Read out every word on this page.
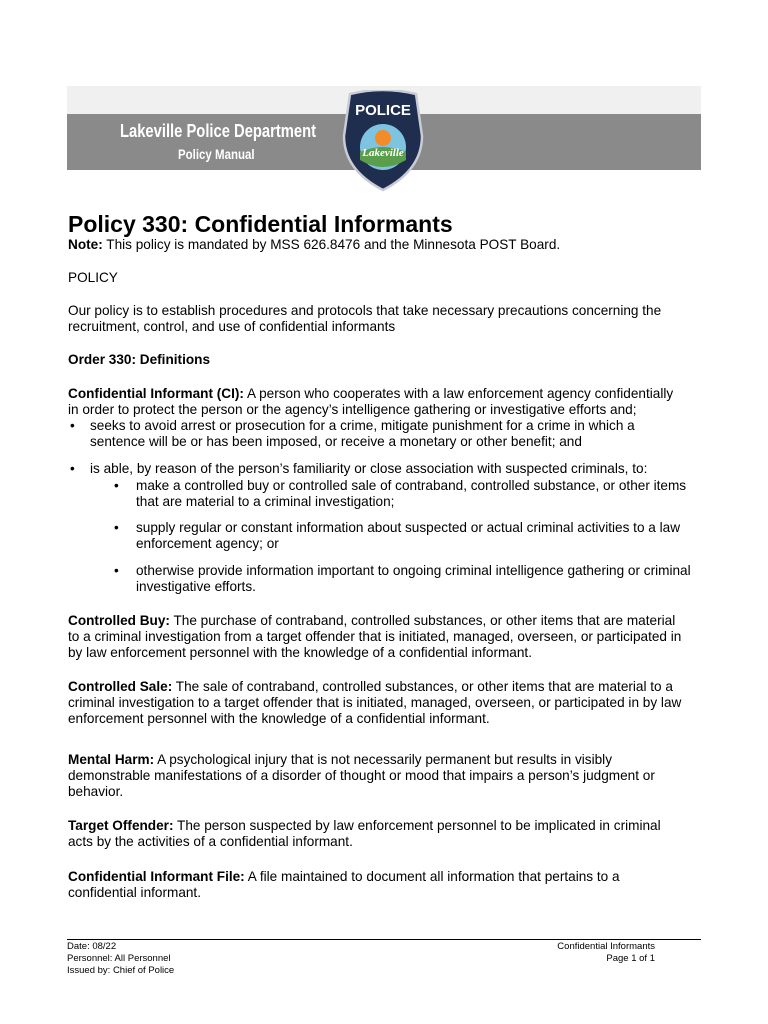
Lakeville Police Department
Policy Manual
POLICE
Lakeville
Policy 330: Confidential Informants
Note: This policy is mandated by MSS 626.8476 and the Minnesota POST Board.
POLICY
Our policy is to establish procedures and protocols that take necessary precautions concerning the
recruitment, control, and use of confidential informants
Order 330: Definitions
Confidential Informant (CI): A person who cooperates with a law enforcement agency confidentially
in order to protect the person or the agency’s intelligence gathering or investigative efforts and;
• seeks to avoid arrest or prosecution for a crime, mitigate punishment for a crime in which a
sentence will be or has been imposed, or receive a monetary or other benefit; and
• is able, by reason of the person’s familiarity or close association with suspected criminals, to:
• make a controlled buy or controlled sale of contraband, controlled substance, or other items
that are material to a criminal investigation;
• supply regular or constant information about suspected or actual criminal activities to a law
enforcement agency; or
• otherwise provide information important to ongoing criminal intelligence gathering or criminal
investigative efforts.
Controlled Buy: The purchase of contraband, controlled substances, or other items that are material
to a criminal investigation from a target offender that is initiated, managed, overseen, or participated in
by law enforcement personnel with the knowledge of a confidential informant.
Controlled Sale: The sale of contraband, controlled substances, or other items that are material to a
criminal investigation to a target offender that is initiated, managed, overseen, or participated in by law
enforcement personnel with the knowledge of a confidential informant.
Mental Harm: A psychological injury that is not necessarily permanent but results in visibly
demonstrable manifestations of a disorder of thought or mood that impairs a person’s judgment or
behavior.
Target Offender: The person suspected by law enforcement personnel to be implicated in criminal
acts by the activities of a confidential informant.
Confidential Informant File: A file maintained to document all information that pertains to a
confidential informant.
Date: 08/22
Personnel: All Personnel
Issued by: Chief of Police
Confidential Informants
Page 1 of 1
